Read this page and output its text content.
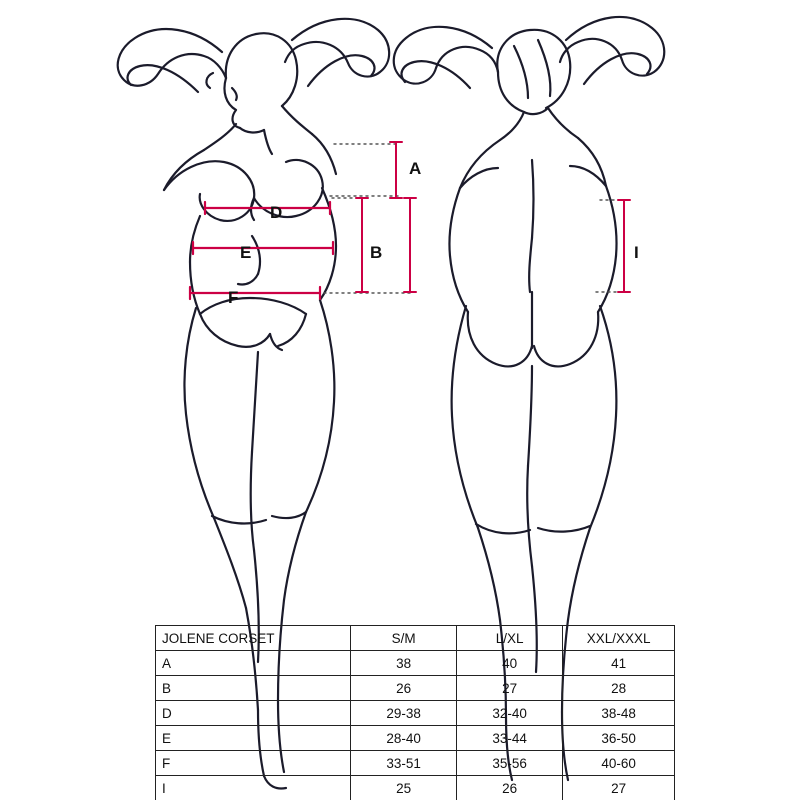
A
B
D
E
F
I
JOLENE CORSET	S/M	L/XL	XXL/XXXL
A	38	40	41
B	26	27	28
D	29-38	32-40	38-48
E	28-40	33-44	36-50
F	33-51	35-56	40-60
I	25	26	27
